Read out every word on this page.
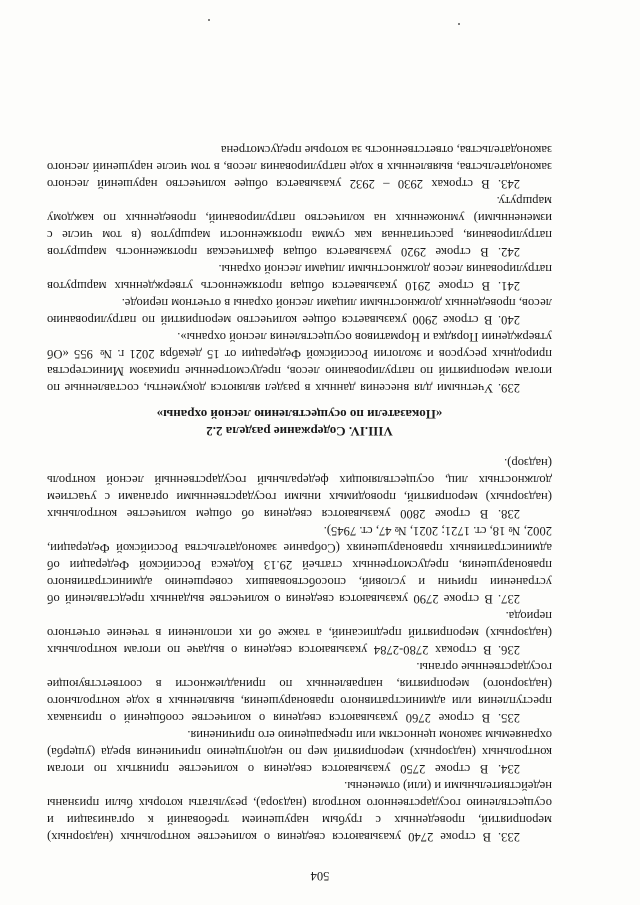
504

233. В строке 2740 указываются сведения о количестве контрольных (надзорных) мероприятий, проведенных с грубым нарушением требований к организации и осуществлению государственного контроля (надзора), результаты которых были признаны недействительными и (или) отменены.

234. В строке 2750 указываются сведения о количестве принятых по итогам контрольных (надзорных) мероприятий мер по недопущению причинения вреда (ущерба) охраняемым законом ценностям или прекращению его причинения.

235. В строке 2760 указываются сведения о количестве сообщений о признаках преступления или административного правонарушения, выявленных в ходе контрольного (надзорного) мероприятия, направленных по принадлежности в соответствующие государственные органы.

236. В строках 2780-2784 указываются сведения о выдаче по итогам контрольных (надзорных) мероприятий предписаний, а также об их исполнении в течение отчетного периода.

237. В строке 2790 указываются сведения о количестве выданных представлений об устранении причин и условий, способствовавших совершению административного правонарушения, предусмотренных статьей 29.13 Кодекса Российской Федерации об административных правонарушениях (Собрание законодательства Российской Федерации, 2002, № 18, ст. 1721; 2021, № 47, ст. 7945).

238. В строке 2800 указываются сведения об общем количестве контрольных (надзорных) мероприятий, проводимых иными государственными органами с участием должностных лиц, осуществляющих федеральный государственный лесной контроль (надзор).

VIII.IV. Содержание раздела 2.2
«Показатели по осуществлению лесной охраны»

239. Учетными для внесения данных в раздел являются документы, составленные по итогам мероприятий по патрулированию лесов, предусмотренные приказом Министерства природных ресурсов и экологии Российской Федерации от 15 декабря 2021 г. № 955 «Об утверждении Порядка и Нормативов осуществления лесной охраны».

240. В строке 2900 указывается общее количество мероприятий по патрулированию лесов, проведенных должностными лицами лесной охраны в отчетном периоде.

241. В строке 2910 указывается общая протяженность утвержденных маршрутов патрулирования лесов должностными лицами лесной охраны.

242. В строке 2920 указывается общая фактическая протяженность маршрутов патрулирования, рассчитанная как сумма протяженности маршрутов (в том числе с измененными) умноженных на количество патрулирований, проведенных по каждому маршруту.

243. В строках 2930 – 2932 указывается общее количество нарушений лесного законодательства, выявленных в ходе патрулирования лесов, в том числе нарушений лесного законодательства, ответственность за которые предусмотрена
